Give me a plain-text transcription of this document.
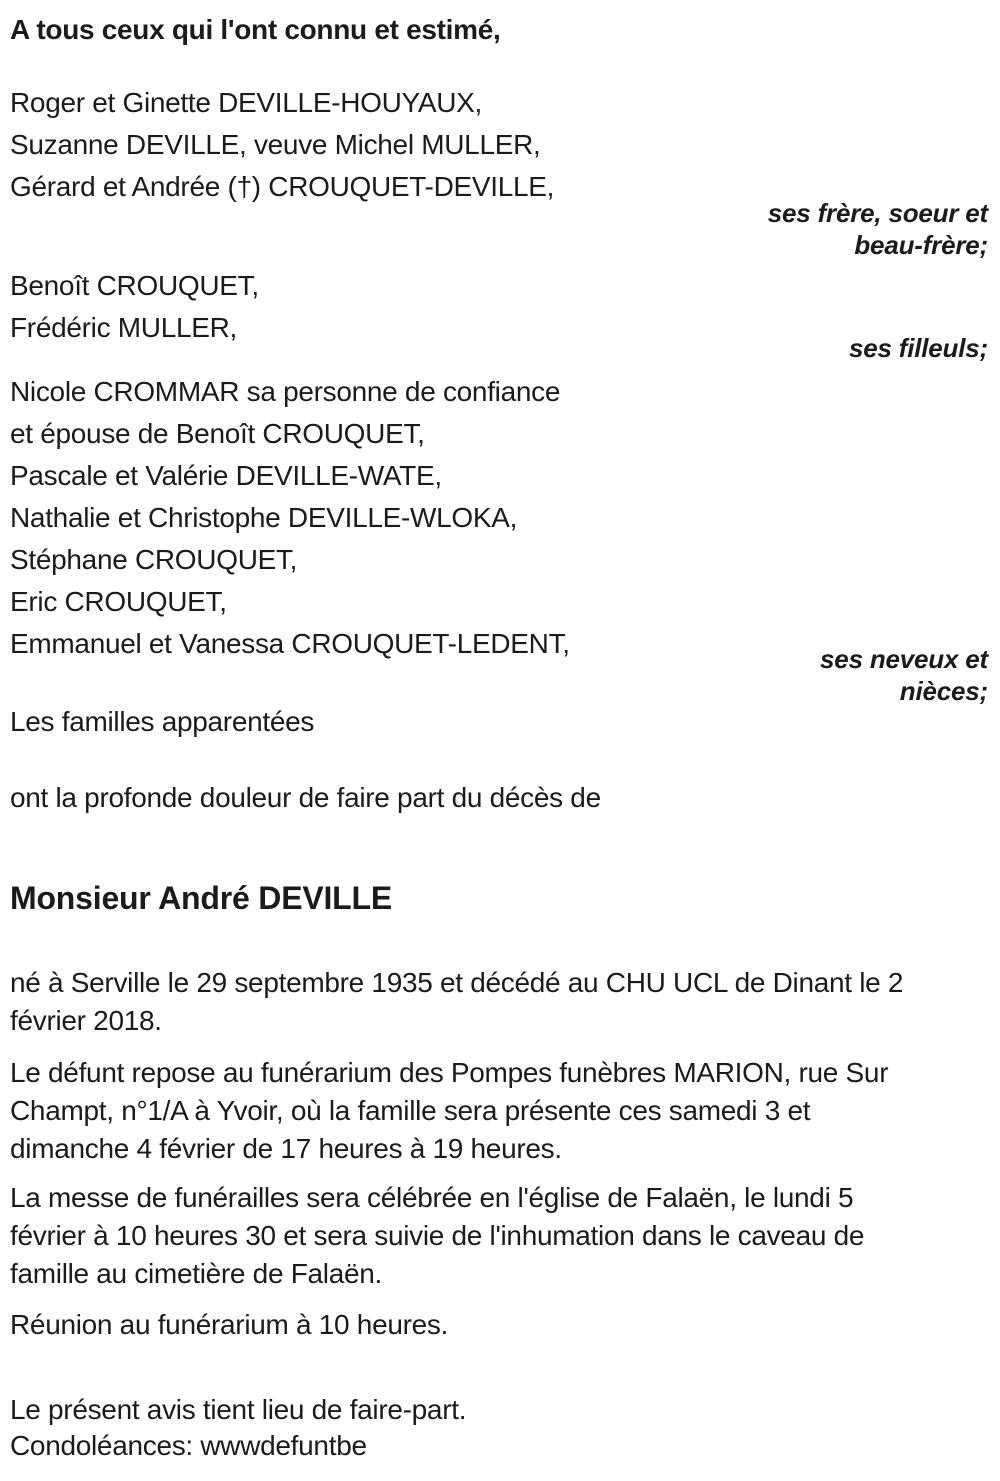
A tous ceux qui l'ont connu et estimé,
Roger et Ginette DEVILLE-HOUYAUX,
Suzanne DEVILLE, veuve Michel MULLER,
Gérard et Andrée (†) CROUQUET-DEVILLE,
ses frère, soeur et
beau-frère;
Benoît CROUQUET,
Frédéric MULLER,
ses filleuls;
Nicole CROMMAR sa personne de confiance
et épouse de Benoît CROUQUET,
Pascale et Valérie DEVILLE-WATE,
Nathalie et Christophe DEVILLE-WLOKA,
Stéphane CROUQUET,
Eric CROUQUET,
Emmanuel et Vanessa CROUQUET-LEDENT,	ses neveux et
nièces;
Les familles apparentées
ont la profonde douleur de faire part du décès de
Monsieur André DEVILLE
né à Serville le 29 septembre 1935 et décédé au CHU UCL de Dinant le 2
février 2018.
Le défunt repose au funérarium des Pompes funèbres MARION, rue Sur
Champt, n°1/A à Yvoir, où la famille sera présente ces samedi 3 et
dimanche 4 février de 17 heures à 19 heures.
La messe de funérailles sera célébrée en l'église de Falaën, le lundi 5
février à 10 heures 30 et sera suivie de l'inhumation dans le caveau de
famille au cimetière de Falaën.
Réunion au funérarium à 10 heures.
Le présent avis tient lieu de faire-part.
Condoléances: wwwdefuntbe
